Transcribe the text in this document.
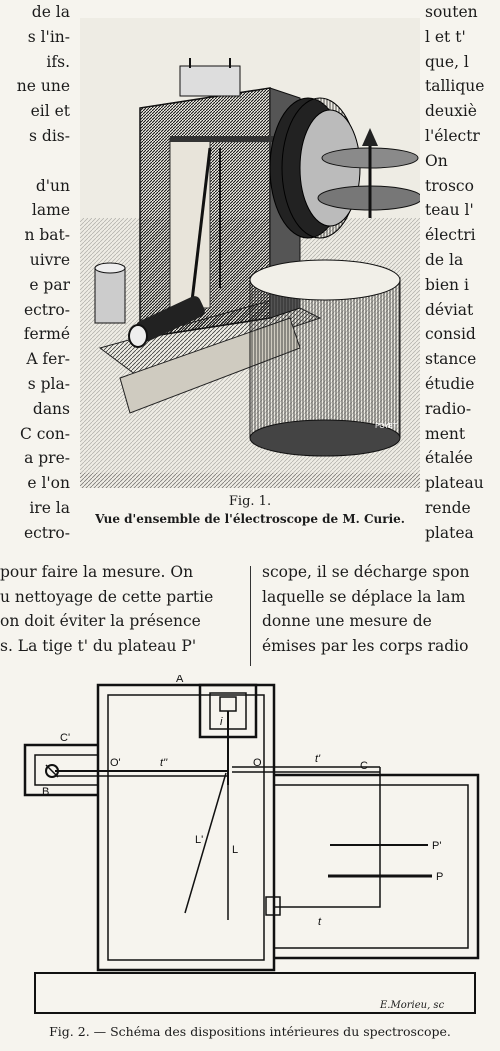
de la
s l'in-
ifs.
ne une
eil et
s dis-
d'un
lame
n bat-
uivre
e par
ectro-
fermé
A fer-
s pla-
dans
C con-
a pre-
e l'on
ire la
ectro-
souten
l et t'
que, l
tallique
deuxiè
l'électr
On
trosco
teau l'
électri
de la
bien i
déviat
consid
stance
étudie
radio-
ment
étalée
plateau
rende
platea
POYET
Fig. 1.
Vue d'ensemble de l'électroscope de M. Curie.
pour faire la mesure. On
u nettoyage de cette partie
on doit éviter la présence
s. La tige t' du plateau P'
scope, il se décharge spon
laquelle se déplace la lam
donne une mesure de
émises par les corps radio
A
C
C'
B
O'	O
t''	t'
t
i
L'
L	P'
P
E.Morieu, sc
Fig. 2. — Schéma des dispositions intérieures du spectroscope.
